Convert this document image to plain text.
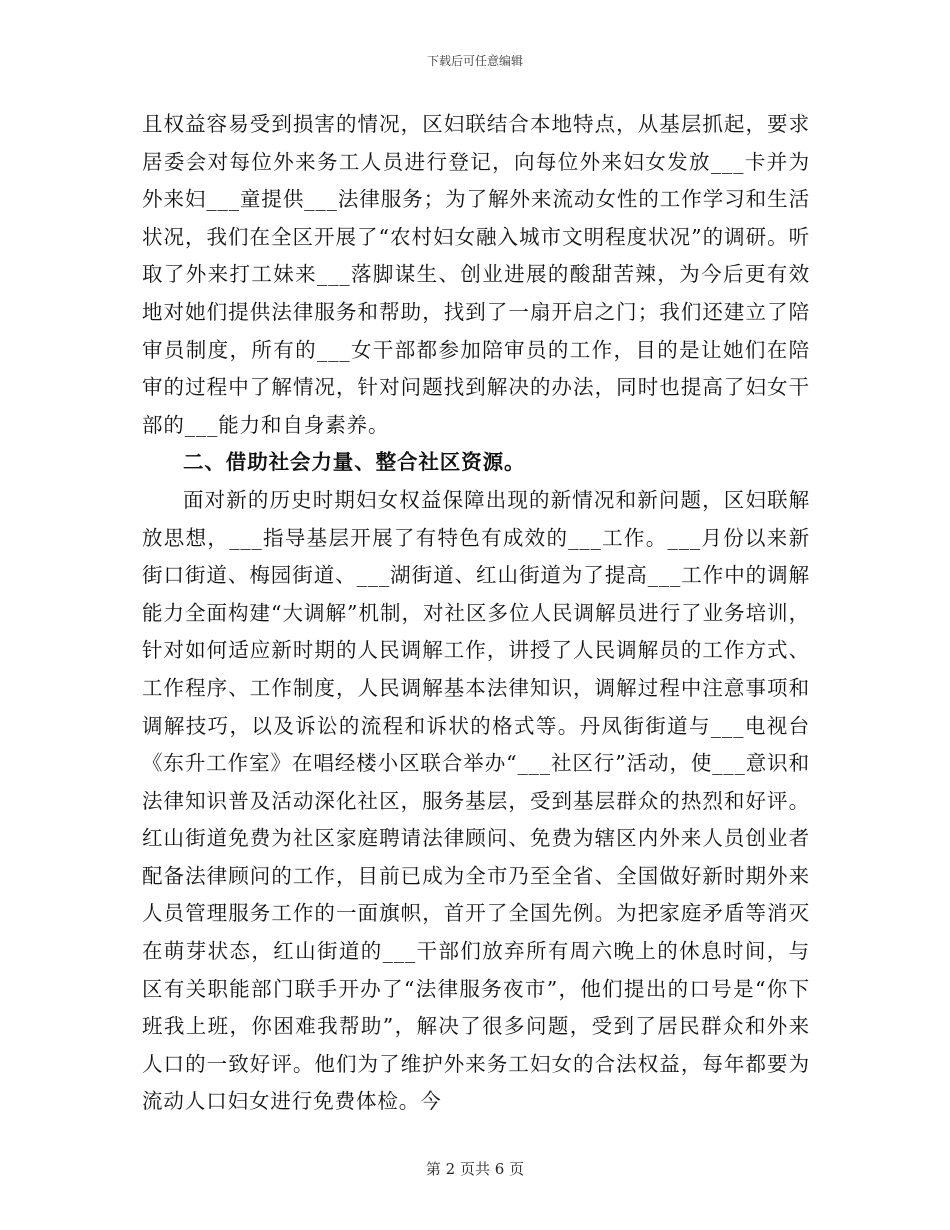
下载后可任意编辑

且权益容易受到损害的情况，区妇联结合本地特点，从基层抓起，要求居委会对每位外来务工人员进行登记，向每位外来妇女发放___卡并为外来妇___童提供___法律服务；为了解外来流动女性的工作学习和生活状况，我们在全区开展了“农村妇女融入城市文明程度状况”的调研。听取了外来打工妹来___落脚谋生、创业进展的酸甜苦辣，为今后更有效地对她们提供法律服务和帮助，找到了一扇开启之门；我们还建立了陪审员制度，所有的___女干部都参加陪审员的工作，目的是让她们在陪审的过程中了解情况，针对问题找到解决的办法，同时也提高了妇女干部的___能力和自身素养。

二、借助社会力量、整合社区资源。

面对新的历史时期妇女权益保障出现的新情况和新问题，区妇联解放思想，___指导基层开展了有特色有成效的___工作。___月份以来新街口街道、梅园街道、___湖街道、红山街道为了提高___工作中的调解能力全面构建“大调解”机制，对社区多位人民调解员进行了业务培训，针对如何适应新时期的人民调解工作，讲授了人民调解员的工作方式、工作程序、工作制度，人民调解基本法律知识，调解过程中注意事项和调解技巧，以及诉讼的流程和诉状的格式等。丹凤街街道与___电视台《东升工作室》在唱经楼小区联合举办“___社区行”活动，使___意识和法律知识普及活动深化社区，服务基层，受到基层群众的热烈和好评。红山街道免费为社区家庭聘请法律顾问、免费为辖区内外来人员创业者配备法律顾问的工作，目前已成为全市乃至全省、全国做好新时期外来人员管理服务工作的一面旗帜，首开了全国先例。为把家庭矛盾等消灭在萌芽状态，红山街道的___干部们放弃所有周六晚上的休息时间，与区有关职能部门联手开办了“法律服务夜市”，他们提出的口号是“你下班我上班，你困难我帮助”，解决了很多问题，受到了居民群众和外来人口的一致好评。他们为了维护外来务工妇女的合法权益，每年都要为流动人口妇女进行免费体检。今

第 2 页共 6 页
